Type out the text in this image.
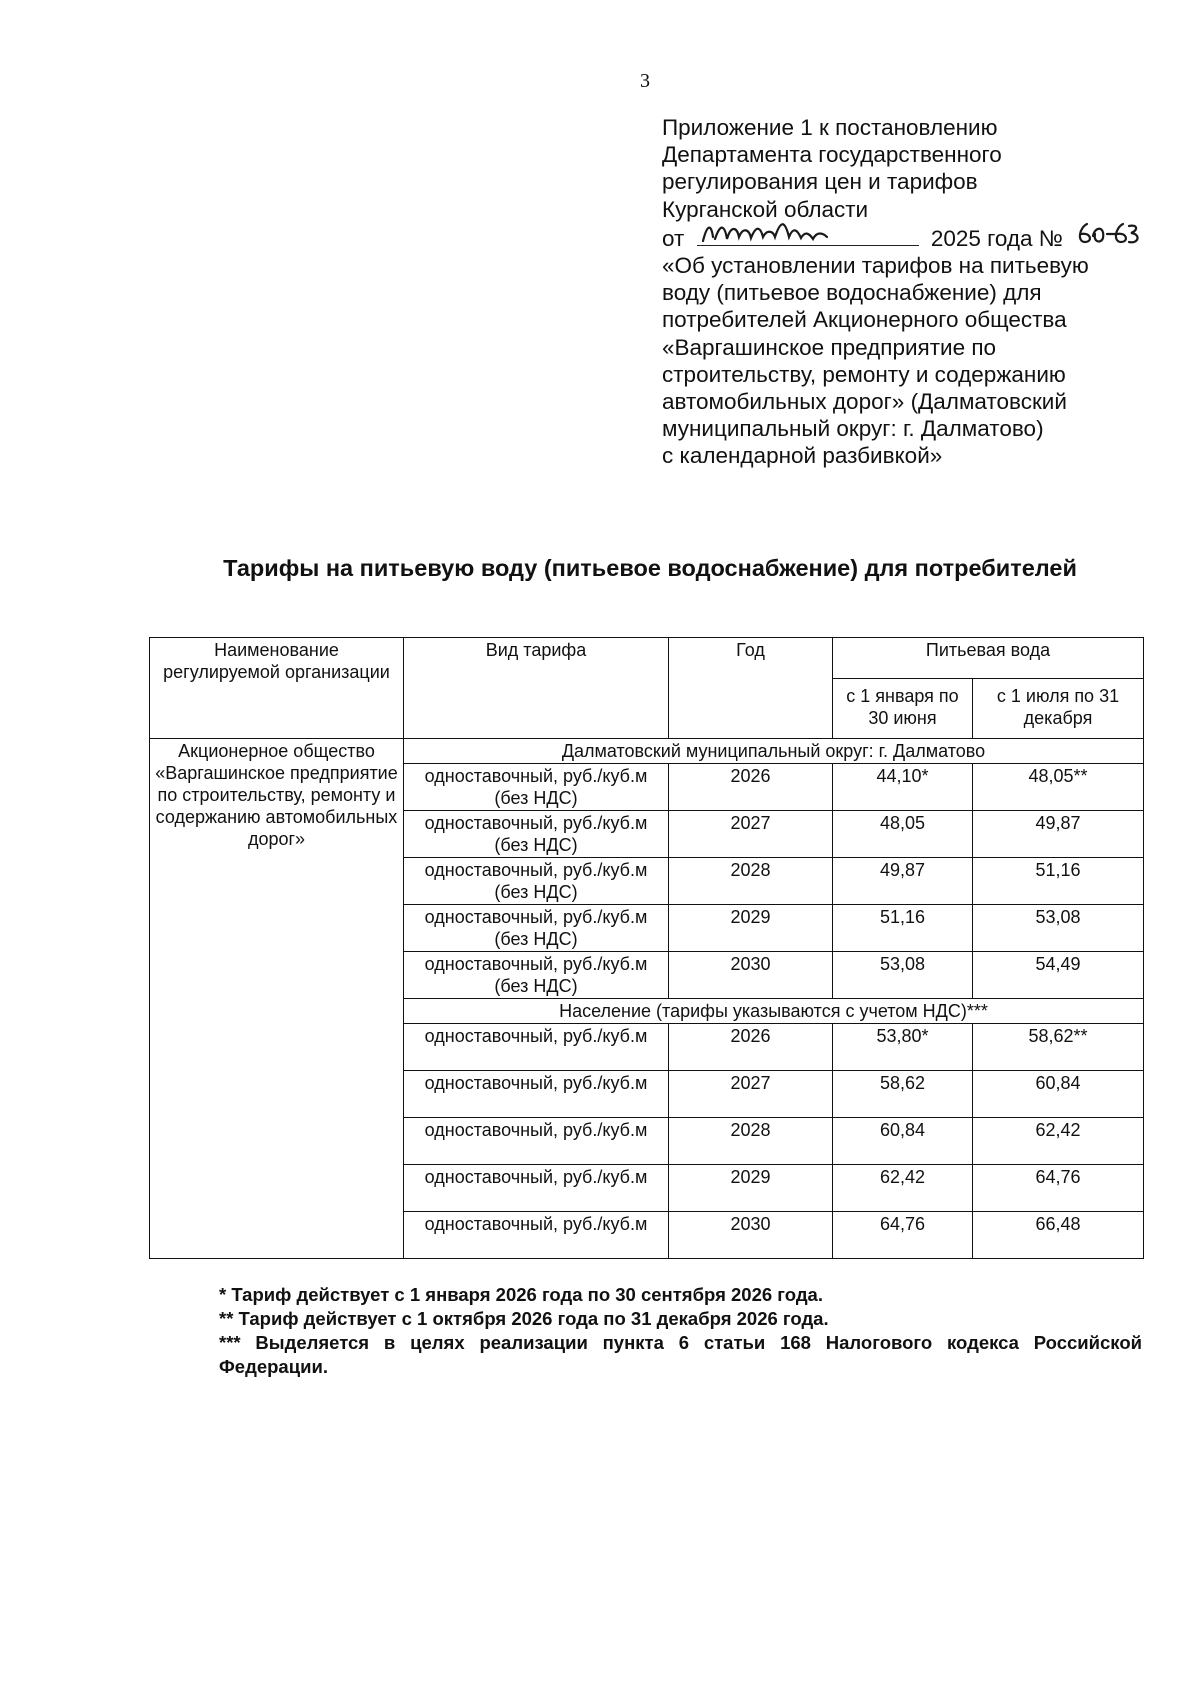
3
Приложение 1 к постановлению
Департамента государственного
регулирования цен и тарифов
Курганской области
от	2025 года №
«Об установлении тарифов на питьевую
воду (питьевое водоснабжение) для
потребителей Акционерного общества
«Варгашинское предприятие по
строительству, ремонту и содержанию
автомобильных дорог» (Далматовский
муниципальный округ: г. Далматово)
с календарной разбивкой»
Тарифы на питьевую воду (питьевое водоснабжение) для потребителей
Наименование регулируемой организации	Вид тарифа	Год	Питьевая вода	
			с 1 января по 30 июня	с 1 июля по 31 декабря
Акционерное общество «Варгашинское предприятие по строительству, ремонту и содержанию автомобильных дорог»	Далматовский муниципальный округ: г. Далматово			
	одноставочный, руб./куб.м (без НДС)	2026	44,10*	48,05**
	одноставочный, руб./куб.м (без НДС)	2027	48,05	49,87
	одноставочный, руб./куб.м (без НДС)	2028	49,87	51,16
	одноставочный, руб./куб.м (без НДС)	2029	51,16	53,08
	одноставочный, руб./куб.м (без НДС)	2030	53,08	54,49
	Население (тарифы указываются с учетом НДС)***			
	одноставочный, руб./куб.м	2026	53,80*	58,62**
	одноставочный, руб./куб.м	2027	58,62	60,84
	одноставочный, руб./куб.м	2028	60,84	62,42
	одноставочный, руб./куб.м	2029	62,42	64,76
	одноставочный, руб./куб.м	2030	64,76	66,48

* Тариф действует с 1 января 2026 года по 30 сентября 2026 года.

** Тариф действует с 1 октября 2026 года по 31 декабря 2026 года.

*** Выделяется в целях реализации пункта 6 статьи 168 Налогового кодекса Российской Федерации.
